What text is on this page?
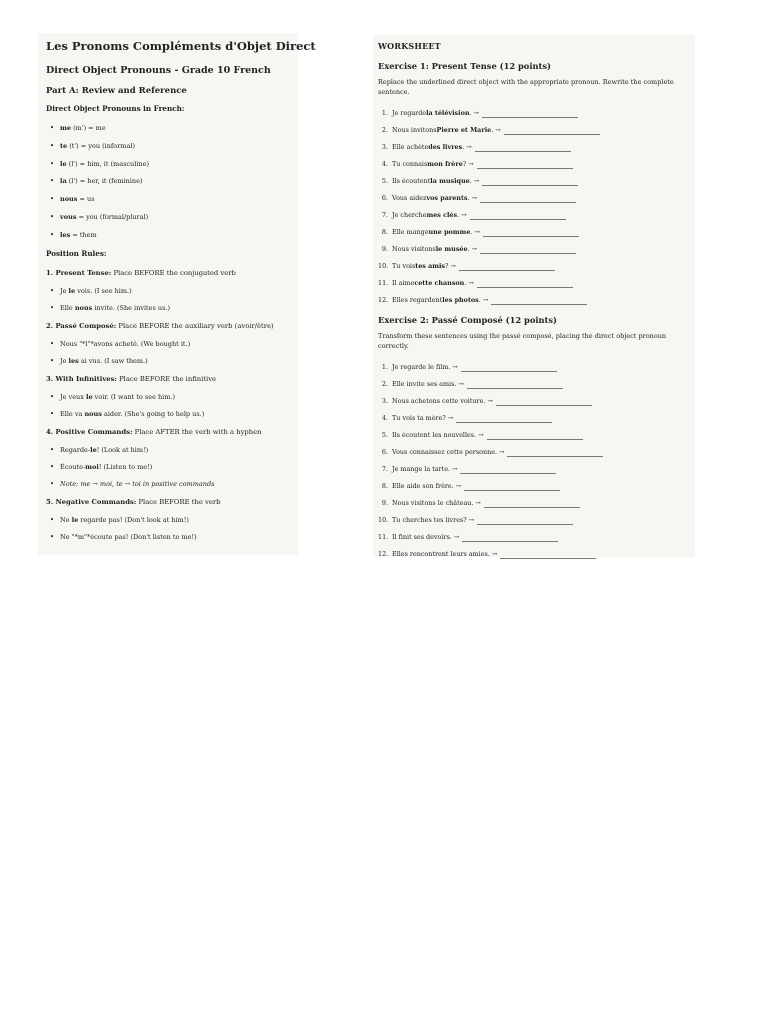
Les Pronoms Compléments d'Objet Direct
Direct Object Pronouns - Grade 10 French
Part A: Review and Reference
Direct Object Pronouns in French:
• me (m') = me
• te (t') = you (informal)
• le (l') = him, it (masculine)
• la (l') = her, it (feminine)
• nous = us
• vous = you (formal/plural)
• les = them
Position Rules:
1. Present Tense: Place BEFORE the conjugated verb
• Je le vois. (I see him.)
• Elle nous invite. (She invites us.)
2. Passé Composé: Place BEFORE the auxiliary verb (avoir/être)
• Nous "*l"*avons acheté. (We bought it.)
• Je les ai vus. (I saw them.)
3. With Infinitives: Place BEFORE the infinitive
• Je veux le voir. (I want to see him.)
• Elle va nous aider. (She's going to help us.)
4. Positive Commands: Place AFTER the verb with a hyphen
• Regarde-le! (Look at him!)
• Écoute-moi! (Listen to me!)
• Note: me → moi, te → toi in positive commands
5. Negative Commands: Place BEFORE the verb
• Ne le regarde pas! (Don't look at him!)
• Ne "*m"*écoute pas! (Don't listen to me!)
WORKSHEET
Exercise 1: Present Tense (12 points)
Replace the underlined direct object with the appropriate pronoun. Rewrite the complete sentence.
1.
Je regarde la télévision . →
2.
Nous invitons Pierre et Marie . →
3.
Elle achète des livres . →
4.
Tu connais mon frère ? →
5.
Ils écoutent la musique . →
6.
Vous aidez vos parents . →
7.
Je cherche mes clés . →
8.
Elle mange une pomme . →
9.
Nous visitons le musée . →
10.
Tu vois tes amis ? →
11.
Il aime cette chanson . →
12.
Elles regardent les photos . →
Exercise 2: Passé Composé (12 points)
Transform these sentences using the passé composé, placing the direct object pronoun correctly.
1.
Je regarde le film. →
2.
Elle invite ses amis. →
3.
Nous achetons cette voiture. →
4.
Tu vois ta mère? →
5.
Ils écoutent les nouvelles. →
6.
Vous connaissez cette personne. →
7.
Je mange la tarte. →
8.
Elle aide son frère. →
9.
Nous visitons le château. →
10.
Tu cherches tes livres? →
11.
Il finit ses devoirs. →
12.
Elles rencontrent leurs amies. →
